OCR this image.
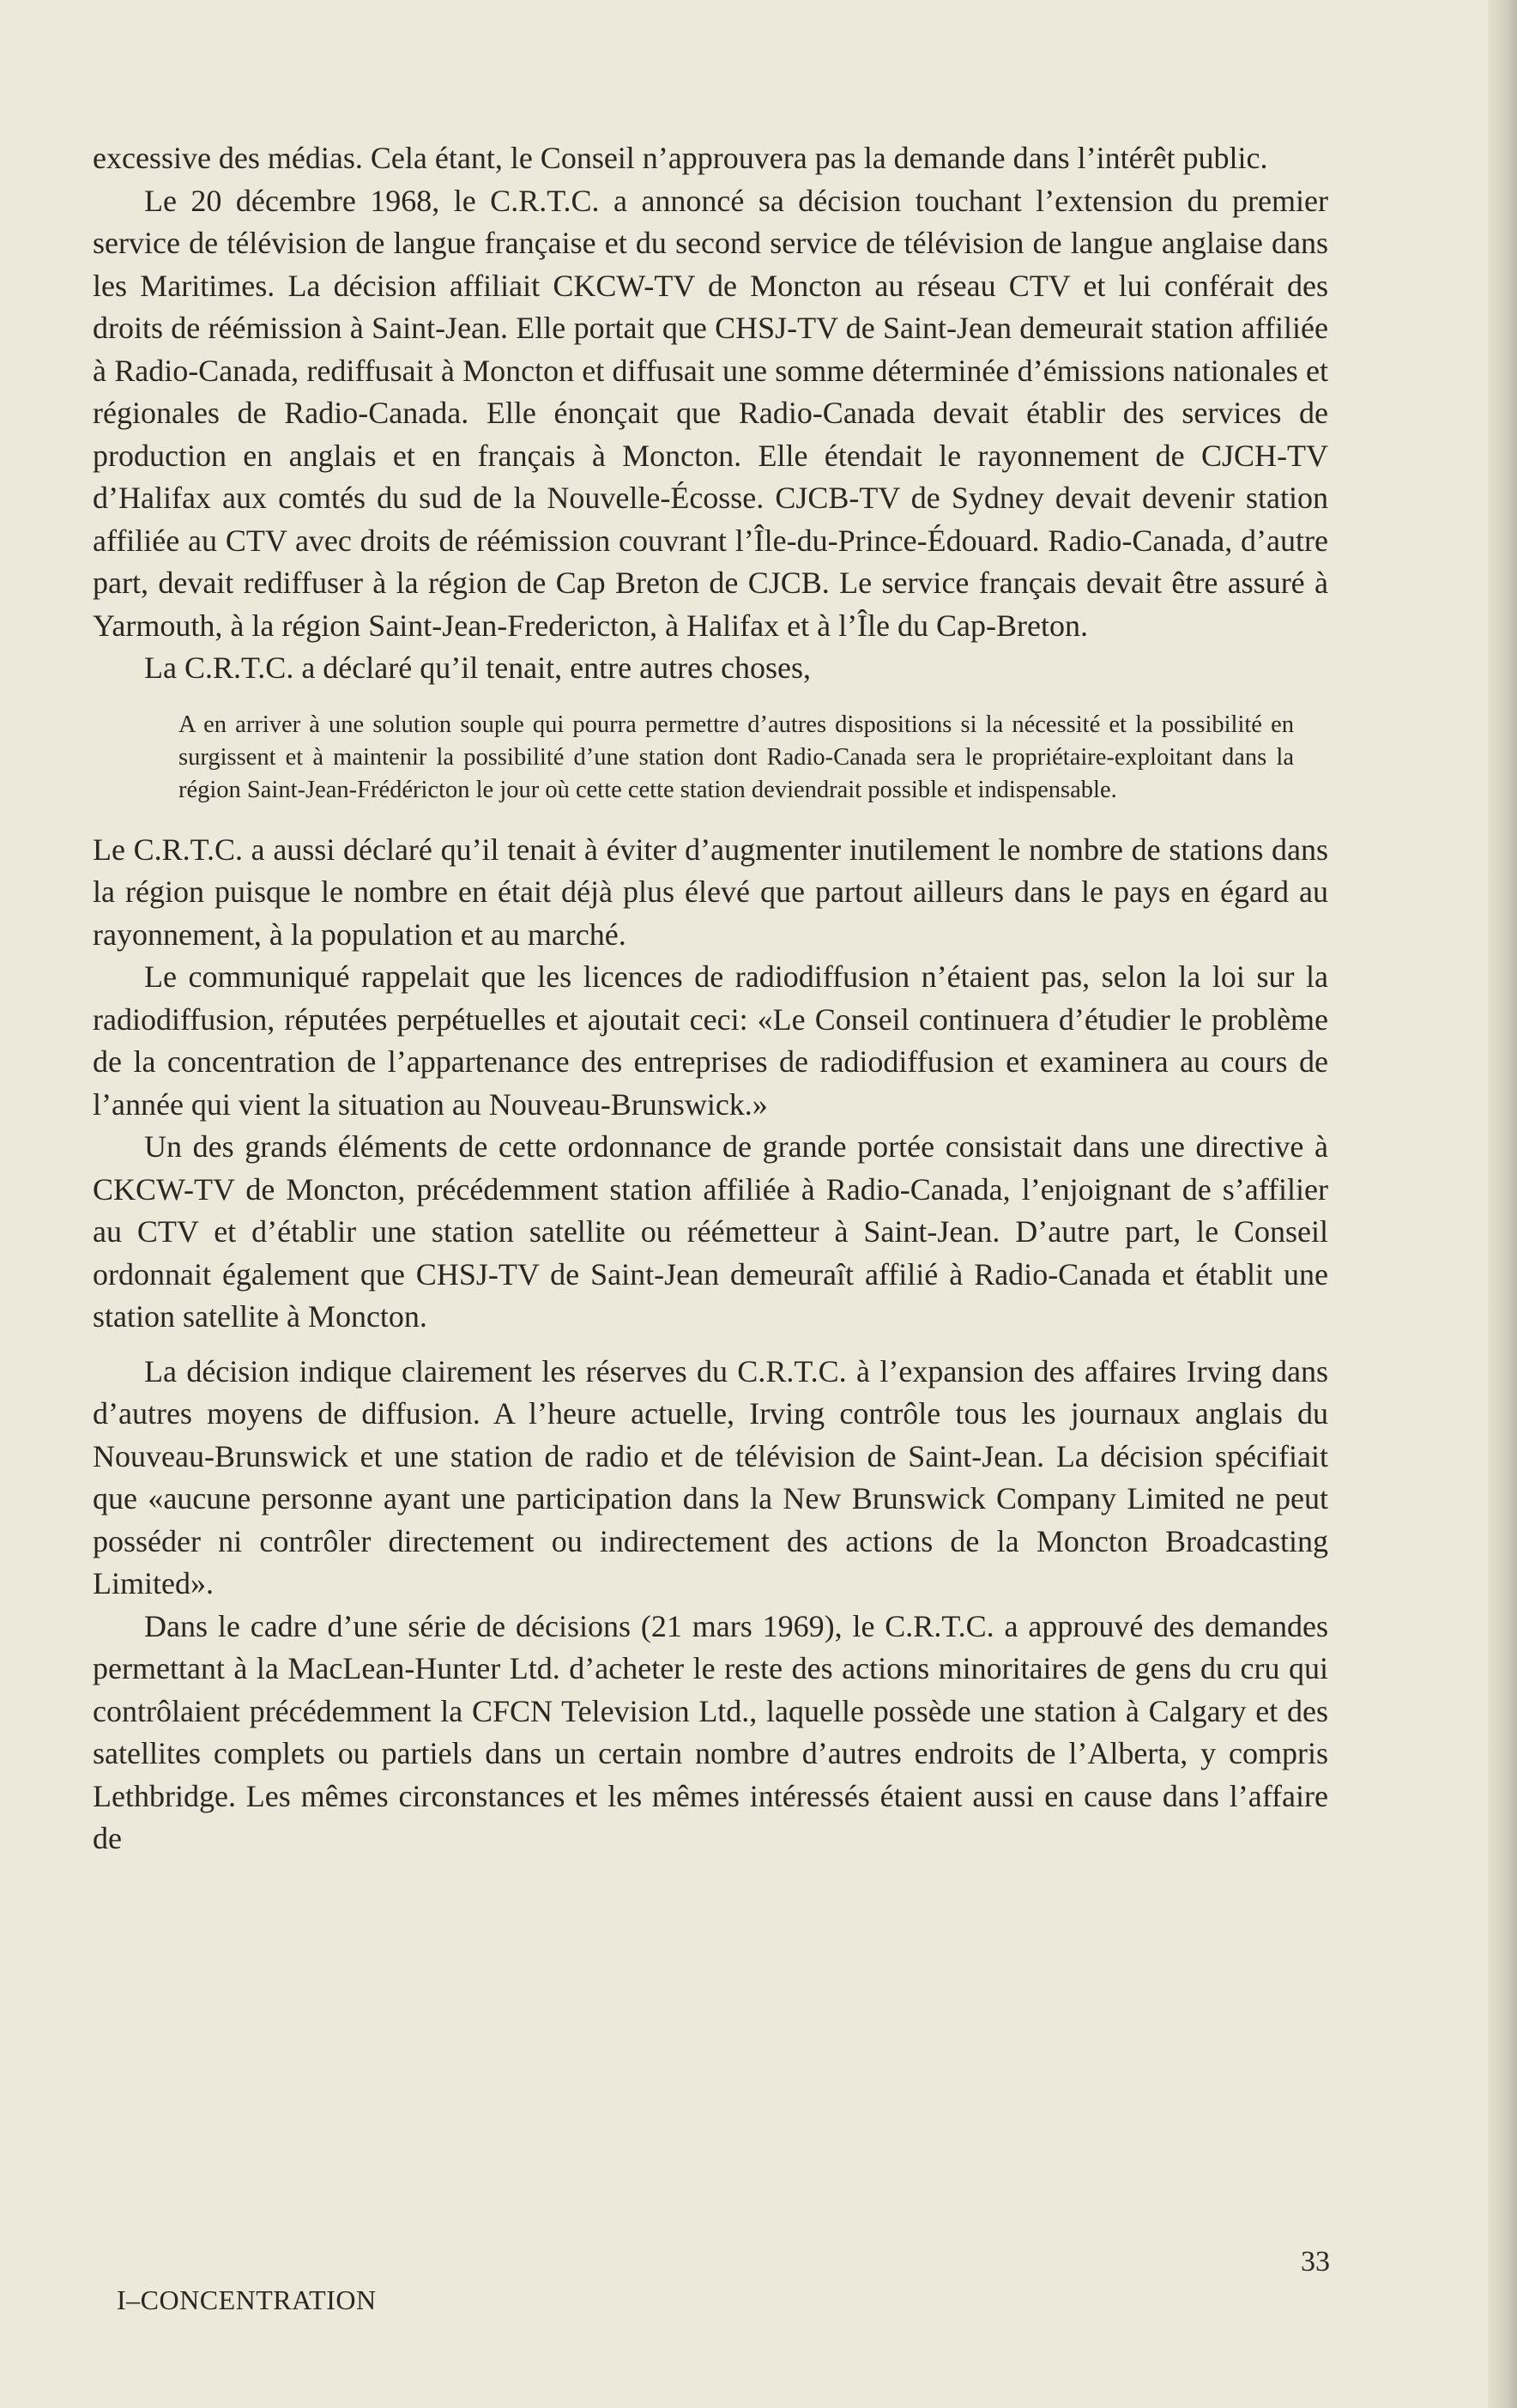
excessive des médias. Cela étant, le Conseil n’approuvera pas la demande dans l’intérêt public.

Le 20 décembre 1968, le C.R.T.C. a annoncé sa décision touchant l’extension du premier service de télévision de langue française et du second service de télévision de langue anglaise dans les Maritimes. La décision affiliait CKCW-TV de Moncton au réseau CTV et lui conférait des droits de réémission à Saint-Jean. Elle portait que CHSJ-TV de Saint-Jean demeurait station affiliée à Radio-Canada, rediffusait à Moncton et diffusait une somme déterminée d’émissions nationales et régionales de Radio-Canada. Elle énonçait que Radio-Canada devait établir des services de production en anglais et en français à Moncton. Elle étendait le rayonnement de CJCH-TV d’Halifax aux comtés du sud de la Nouvelle-Écosse. CJCB-TV de Sydney devait devenir station affiliée au CTV avec droits de réémission couvrant l’Île-du-Prince-Édouard. Radio-Canada, d’autre part, devait rediffuser à la région de Cap Breton de CJCB. Le service français devait être assuré à Yarmouth, à la région Saint-Jean-Fredericton, à Halifax et à l’Île du Cap-Breton.

La C.R.T.C. a déclaré qu’il tenait, entre autres choses,

A en arriver à une solution souple qui pourra permettre d’autres dispositions si la nécessité et la possibilité en surgissent et à maintenir la possibilité d’une station dont Radio-Canada sera le propriétaire-exploitant dans la région Saint-Jean-Frédéricton le jour où cette cette station deviendrait possible et indispensable.

Le C.R.T.C. a aussi déclaré qu’il tenait à éviter d’augmenter inutilement le nombre de stations dans la région puisque le nombre en était déjà plus élevé que partout ailleurs dans le pays en égard au rayonnement, à la population et au marché.

Le communiqué rappelait que les licences de radiodiffusion n’étaient pas, selon la loi sur la radiodiffusion, réputées perpétuelles et ajoutait ceci: «Le Conseil continuera d’étudier le problème de la concentration de l’appartenance des entreprises de radiodiffusion et examinera au cours de l’année qui vient la situation au Nouveau-Brunswick.»

Un des grands éléments de cette ordonnance de grande portée consistait dans une directive à CKCW-TV de Moncton, précédemment station affiliée à Radio-Canada, l’enjoignant de s’affilier au CTV et d’établir une station satellite ou réémetteur à Saint-Jean. D’autre part, le Conseil ordonnait également que CHSJ-TV de Saint-Jean demeuraît affilié à Radio-Canada et établit une station satellite à Moncton.

La décision indique clairement les réserves du C.R.T.C. à l’expansion des affaires Irving dans d’autres moyens de diffusion. A l’heure actuelle, Irving contrôle tous les journaux anglais du Nouveau-Brunswick et une station de radio et de télévision de Saint-Jean. La décision spécifiait que «aucune personne ayant une participation dans la New Brunswick Company Limited ne peut posséder ni contrôler directement ou indirectement des actions de la Moncton Broadcasting Limited».

Dans le cadre d’une série de décisions (21 mars 1969), le C.R.T.C. a approuvé des demandes permettant à la MacLean-Hunter Ltd. d’acheter le reste des actions minoritaires de gens du cru qui contrôlaient précédemment la CFCN Television Ltd., laquelle possède une station à Calgary et des satellites complets ou partiels dans un certain nombre d’autres endroits de l’Alberta, y compris Lethbridge. Les mêmes circonstances et les mêmes intéressés étaient aussi en cause dans l’affaire de

I–CONCENTRATION
33
